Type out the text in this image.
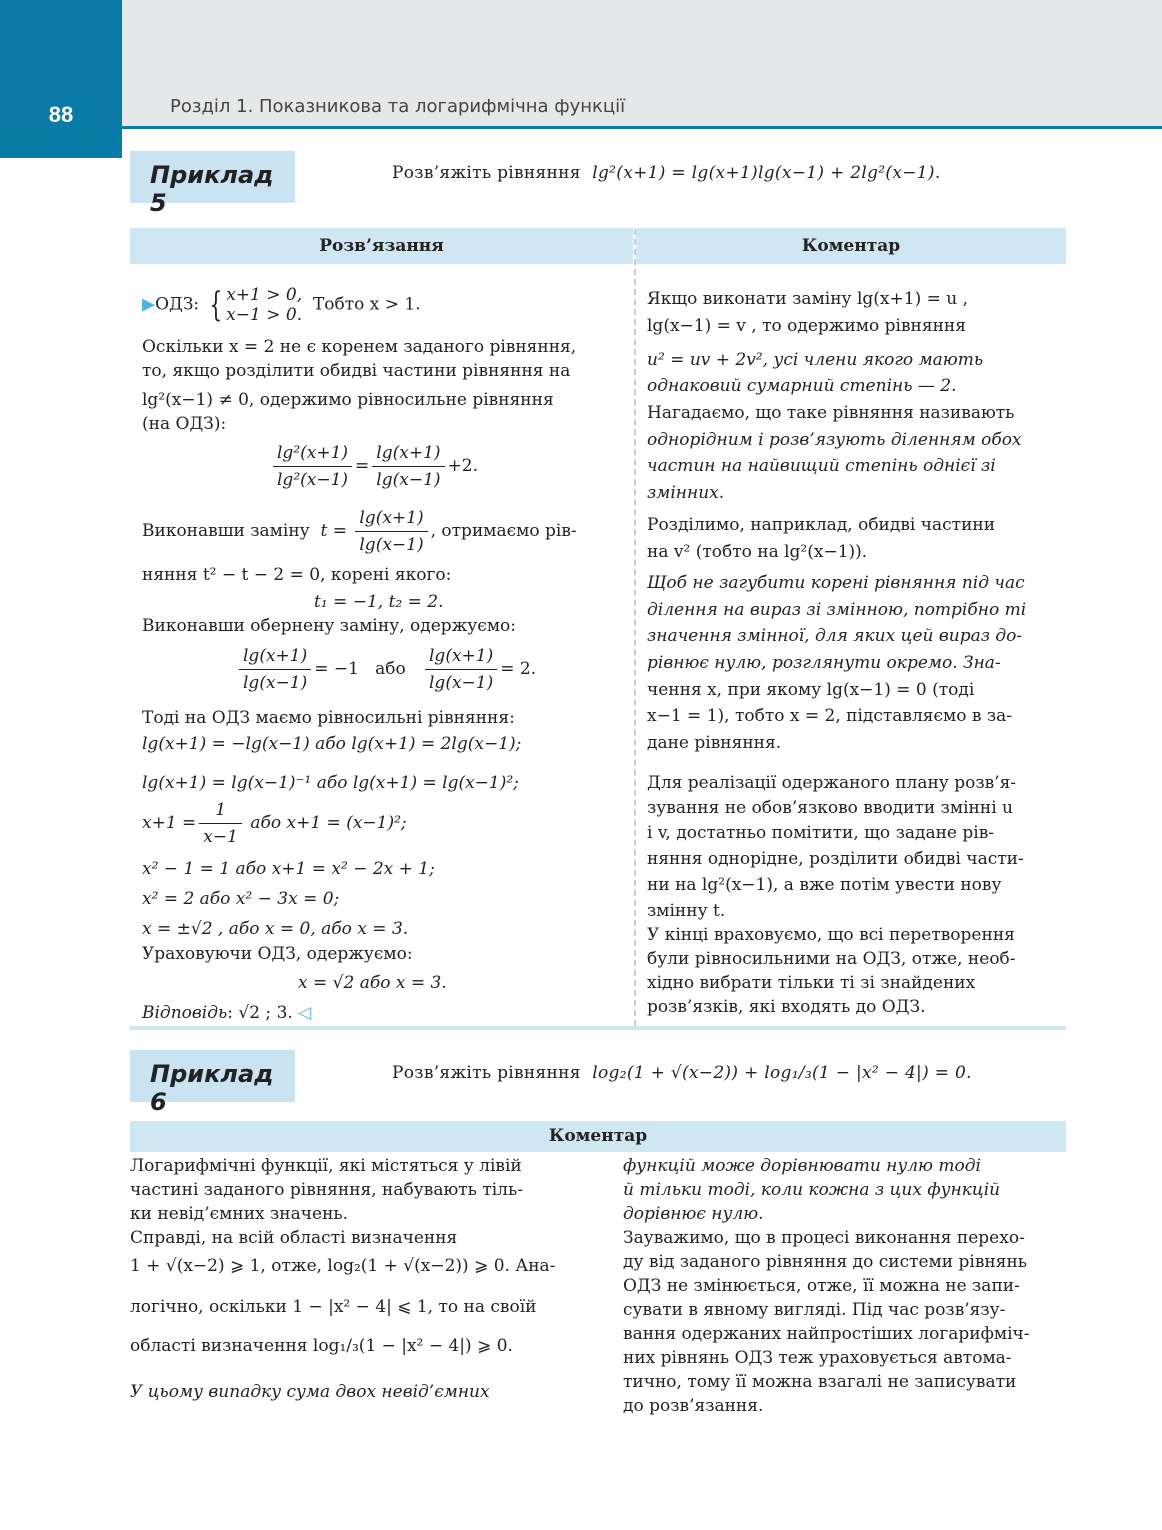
88	Розділ 1. Показникова та логарифмічна функції
Приклад 5
Розв’яжіть рівняння lg²(x+1) = lg(x+1)lg(x−1) + 2lg²(x−1).
Розв’язання	Коментар
▶ОДЗ: { x+1 > 0,
x−1 > 0.
Тобто x > 1.
Оскільки x = 2 не є коренем заданого рівняння,
то, якщо розділити обидві частини рівняння на
lg²(x−1) ≠ 0, одержимо рівносильне рівняння
(на ОДЗ):
$\frac{\text{lg²(x+1)}}{\text{lg²(x−1)}} = \frac{\lg(x+1)}{\lg(x-1)} +2$.
Виконавши заміну $t = \frac{\lg(x+1)}{\lg(x-1)}$ , отримаємо рів-
няння t² − t − 2 = 0, корені якого:
t₁ = −1, t₂ = 2.
Виконавши обернену заміну, одержуємо:
$\frac{\lg(x+1)}{\lg(x-1)} = -1$ або $\frac{\lg(x+1)}{\lg(x-1)} = 2$.
Тоді на ОДЗ маємо рівносильні рівняння:
lg(x+1) = −lg(x−1) або lg(x+1) = 2lg(x−1);
lg(x+1) = lg(x−1)⁻¹ або lg(x+1) = lg(x−1)²;
$x+1 = \frac{1}{x-1}$ або x+1 = (x−1)²;
x² − 1 = 1 або x+1 = x² − 2x + 1;
x² = 2 або x² − 3x = 0;
x = ±√2 , або x = 0, або x = 3.
Ураховуючи ОДЗ, одержуємо:
x = √2 або x = 3.
Відповідь: √2 ; 3. ◁
Якщо виконати заміну lg(x+1) = u ,
lg(x−1) = v , то одержимо рівняння
u² = uv + 2v², усі члени якого мають
однаковий сумарний степінь — 2.
Нагадаємо, що таке рівняння називають
однорідним і розв’язують діленням обох
частин на найвищий степінь однієї зі
змінних.
Розділимо, наприклад, обидві частини
на v² (тобто на lg²(x−1)).
Щоб не загубити корені рівняння під час
ділення на вираз зі змінною, потрібно ті
значення змінної, для яких цей вираз до-
рівнює нулю, розглянути окремо. Зна-
чення x, при якому lg(x−1) = 0 (тоді
x−1 = 1), тобто x = 2, підставляємо в за-
дане рівняння.
Для реалізації одержаного плану розв’я-
зування не обов’язково вводити змінні u
і v, достатньо помітити, що задане рів-
няння однорідне, розділити обидві части-
ни на lg²(x−1), а вже потім увести нову
змінну t.
У кінці враховуємо, що всі перетворення
були рівносильними на ОДЗ, отже, необ-
хідно вибрати тільки ті зі знайдених
розв’язків, які входять до ОДЗ.
Приклад 6
Розв’яжіть рівняння log₂(1 + √(x−2)) + log₁/₃(1 − |x² − 4|) = 0.
Коментар
Логарифмічні функції, які містяться у лівій
частині заданого рівняння, набувають тіль-
ки невід’ємних значень.
Справді, на всій області визначення
1 + √(x−2) ⩾ 1, отже, log₂(1 + √(x−2)) ⩾ 0. Ана-
логічно, оскільки 1 − |x² − 4| ⩽ 1, то на своїй
області визначення log₁/₃(1 − |x² − 4|) ⩾ 0.
У цьому випадку сума двох невід’ємних
функцій може дорівнювати нулю тоді
й тільки тоді, коли кожна з цих функцій
дорівнює нулю.
Зауважимо, що в процесі виконання перехо-
ду від заданого рівняння до системи рівнянь
ОДЗ не змінюється, отже, її можна не запи-
сувати в явному вигляді. Під час розв’язу-
вання одержаних найпростіших логарифміч-
них рівнянь ОДЗ теж ураховується автома-
тично, тому її можна взагалі не записувати
до розв’язання.
